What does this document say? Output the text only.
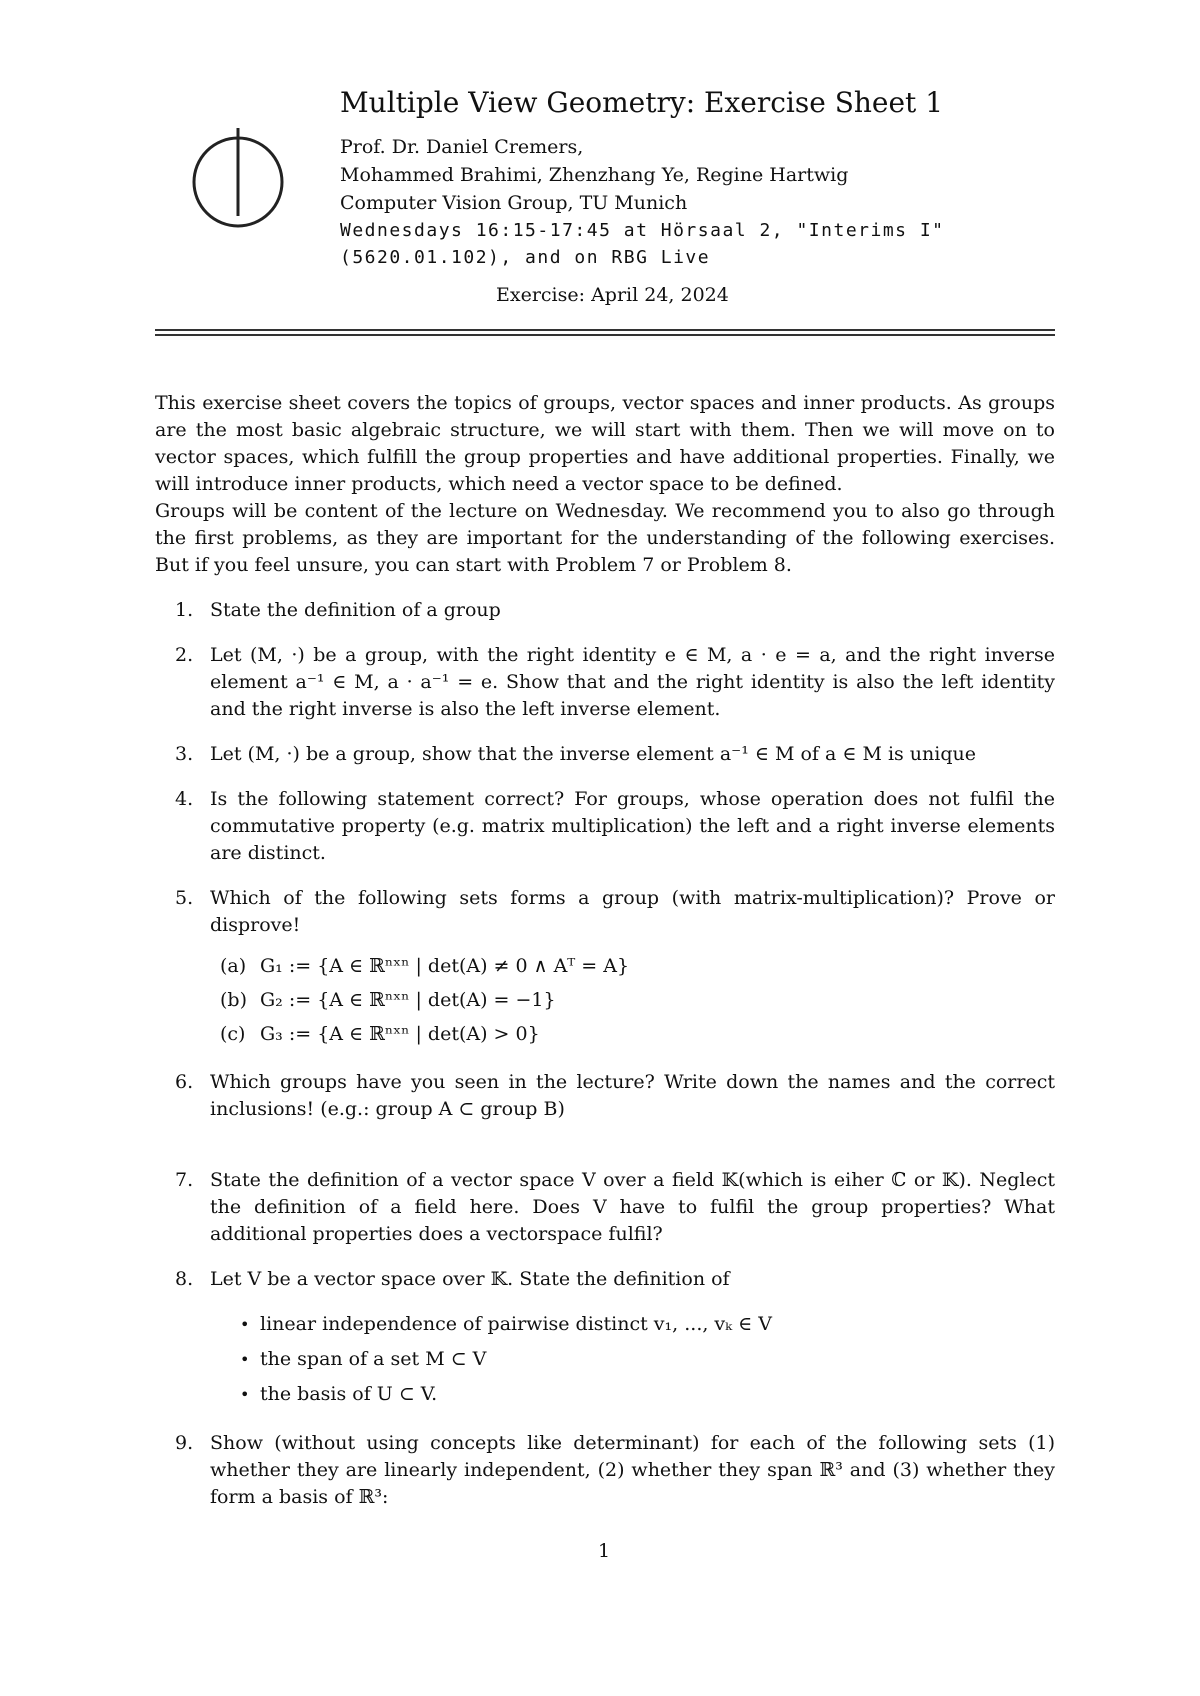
Multiple View Geometry: Exercise Sheet 1
Prof. Dr. Daniel Cremers,
Mohammed Brahimi, Zhenzhang Ye, Regine Hartwig
Computer Vision Group, TU Munich
Wednesdays 16:15-17:45 at Hörsaal 2, "Interims I"
(5620.01.102), and on RBG Live
Exercise: April 24, 2024

This exercise sheet covers the topics of groups, vector spaces and inner products. As groups are the most basic algebraic structure, we will start with them. Then we will move on to vector spaces, which fulfill the group properties and have additional properties. Finally, we will introduce inner products, which need a vector space to be defined.

Groups will be content of the lecture on Wednesday. We recommend you to also go through the first problems, as they are important for the understanding of the following exercises. But if you feel unsure, you can start with Problem 7 or Problem 8.

1. State the definition of a group
2. Let (M, ·) be a group, with the right identity e ∈ M, a · e = a, and the right inverse element a⁻¹ ∈ M, a · a⁻¹ = e. Show that and the right identity is also the left identity and the right inverse is also the left inverse element.
3. Let (M, ·) be a group, show that the inverse element a⁻¹ ∈ M of a ∈ M is unique
4. Is the following statement correct? For groups, whose operation does not fulfil the commutative property (e.g. matrix multiplication) the left and a right inverse elements are distinct.
5. Which of the following sets forms a group (with matrix-multiplication)? Prove or disprove!
(a) G₁ := {A ∈ ℝⁿˣⁿ | det(A) ≠ 0 ∧ Aᵀ = A}
(b) G₂ := {A ∈ ℝⁿˣⁿ | det(A) = −1}
(c) G₃ := {A ∈ ℝⁿˣⁿ | det(A) > 0}
6. Which groups have you seen in the lecture? Write down the names and the correct inclusions! (e.g.: group A ⊂ group B)
7. State the definition of a vector space V over a field 𝕂(which is eiher ℂ or 𝕂). Neglect the definition of a field here. Does V have to fulfil the group properties? What additional properties does a vectorspace fulfil?
8. Let V be a vector space over 𝕂. State the definition of
• linear independence of pairwise distinct v₁, ..., vₖ ∈ V
• the span of a set M ⊂ V
• the basis of U ⊂ V.
9. Show (without using concepts like determinant) for each of the following sets (1) whether they are linearly independent, (2) whether they span ℝ³ and (3) whether they form a basis of ℝ³:
1
